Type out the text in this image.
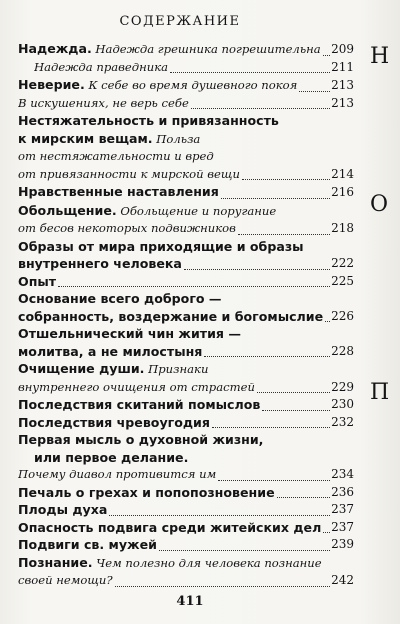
СОДЕРЖАНИЕ
Надежда. Надежда грешника погрешительна 209
Надежда праведника	211
Неверие. К себе во время душевного покоя	213
В искушениях, не верь себе	213
Нестяжательность и привязанность
к мирским вещам. Польза
от нестяжательности и вред
от привязанности к мирской вещи	214
Нравственные наставления	216
Обольщение. Обольщение и поругание
от бесов некоторых подвижников	218
Образы от мира приходящие и образы
внутреннего человека	222
Опыт	225
Основание всего доброго —
собранность, воздержание и богомыслие 226
Отшельнический чин жития —
молитва, а не милостыня	228
Очищение души. Признаки
внутреннего очищения от страстей	229
Последствия скитаний помыслов	230
Последствия чревоугодия	232
Первая мысль о духовной жизни,
или первое делание.
Почему диавол противится им	234
Печаль о грехах и попопозновение	236
Плоды духа	237
Опасность подвига среди житейских дел 237
Подвиги св. мужей	239
Познание. Чем полезно для человека познание
своей немощи?	242
Н
О
П
411
